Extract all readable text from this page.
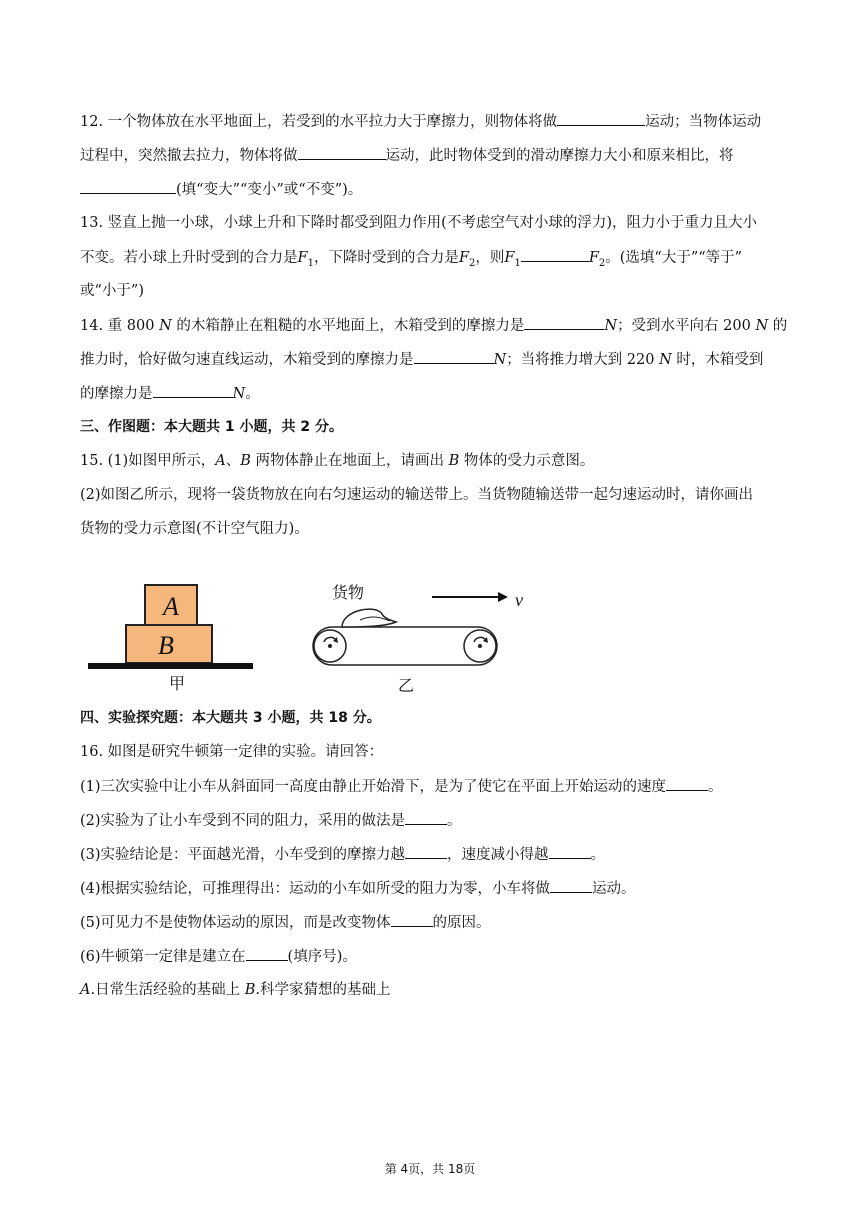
12. 一个物体放在水平地面上，若受到的水平拉力大于摩擦力，则物体将做	运动；当物体运动
过程中，突然撤去拉力，物体将做	运动，此时物体受到的滑动摩擦力大小和原来相比，将
(填“变大”“变小”或“不变”)。
13. 竖直上抛一小球，小球上升和下降时都受到阻力作用(不考虑空气对小球的浮力)，阻力小于重力且大小
不变。若小球上升时受到的合力是$F_1$，下降时受到的合力是$F_2$，则$F_1$	$F_2$。(选填“大于”“等于”
或“小于”)
14. 重 800 N 的木箱静止在粗糙的水平地面上，木箱受到的摩擦力是	N；受到水平向右 200 N 的
推力时，恰好做匀速直线运动，木箱受到的摩擦力是	N；当将推力增大到 220 N 时，木箱受到
的摩擦力是	N。
三、作图题：本大题共 1 小题，共 2 分。
15. (1)如图甲所示，A、B 两物体静止在地面上，请画出 B 物体的受力示意图。
(2)如图乙所示，现将一袋货物放在向右匀速运动的输送带上。当货物随输送带一起匀速运动时，请你画出
货物的受力示意图(不计空气阻力)。
A
B
甲
货物	v
乙
四、实验探究题：本大题共 3 小题，共 18 分。
16. 如图是研究牛顿第一定律的实验。请回答：
(1)三次实验中让小车从斜面同一高度由静止开始滑下，是为了使它在平面上开始运动的速度	。
(2)实验为了让小车受到不同的阻力，采用的做法是	。
(3)实验结论是：平面越光滑，小车受到的摩擦力越	，速度减小得越	。
(4)根据实验结论，可推理得出：运动的小车如所受的阻力为零，小车将做	运动。
(5)可见力不是使物体运动的原因，而是改变物体	的原因。
(6)牛顿第一定律是建立在	(填序号)。
A.日常生活经验的基础上 B.科学家猜想的基础上
第 4页，共 18页
